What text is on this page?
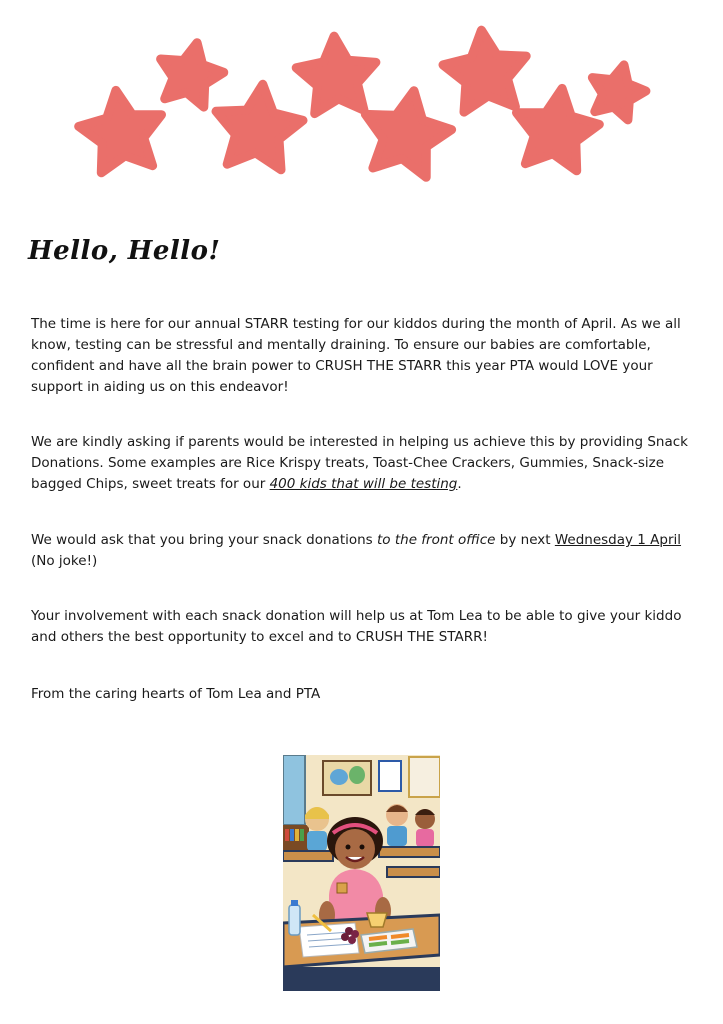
Hello, Hello!

The time is here for our annual STARR testing for our kiddos during the month of April. As we all know, testing can be stressful and mentally draining. To ensure our babies are comfortable, confident and have all the brain power to CRUSH THE STARR this year PTA would LOVE your support in aiding us on this endeavor!

We are kindly asking if parents would be interested in helping us achieve this by providing Snack Donations. Some examples are Rice Krispy treats, Toast-Chee Crackers, Gummies, Snack-size bagged Chips, sweet treats for our 400 kids that will be testing.

We would ask that you bring your snack donations to the front office by next Wednesday 1 April (No joke!)

Your involvement with each snack donation will help us at Tom Lea to be able to give your kiddo and others the best opportunity to excel and to CRUSH THE STARR!

From the caring hearts of Tom Lea and PTA
